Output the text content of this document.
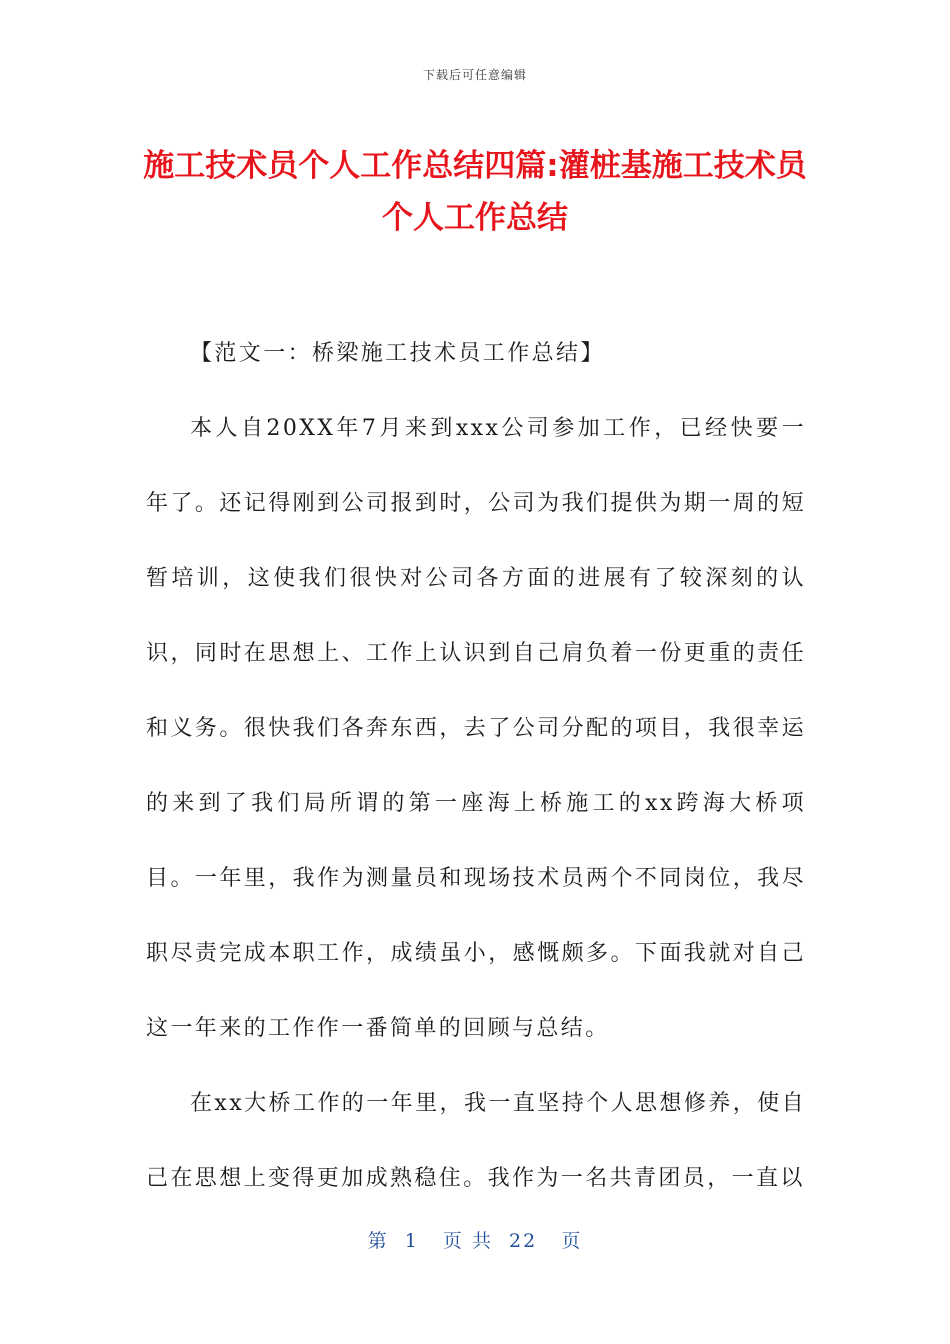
下载后可任意编辑
施工技术员个人工作总结四篇:灌桩基施工技术员个人工作总结

【范文一：桥梁施工技术员工作总结】

本人自20XX年7月来到xxx公司参加工作，已经快要一年了。还记得刚到公司报到时，公司为我们提供为期一周的短暂培训，这使我们很快对公司各方面的进展有了较深刻的认识，同时在思想上、工作上认识到自己肩负着一份更重的责任和义务。很快我们各奔东西，去了公司分配的项目，我很幸运的来到了我们局所谓的第一座海上桥施工的xx跨海大桥项目。一年里，我作为测量员和现场技术员两个不同岗位，我尽职尽责完成本职工作，成绩虽小，感慨颇多。下面我就对自己这一年来的工作作一番简单的回顾与总结。

在xx大桥工作的一年里，我一直坚持个人思想修养，使自己在思想上变得更加成熟稳住。我作为一名共青团员，一直以

第  1   页 共  22   页
